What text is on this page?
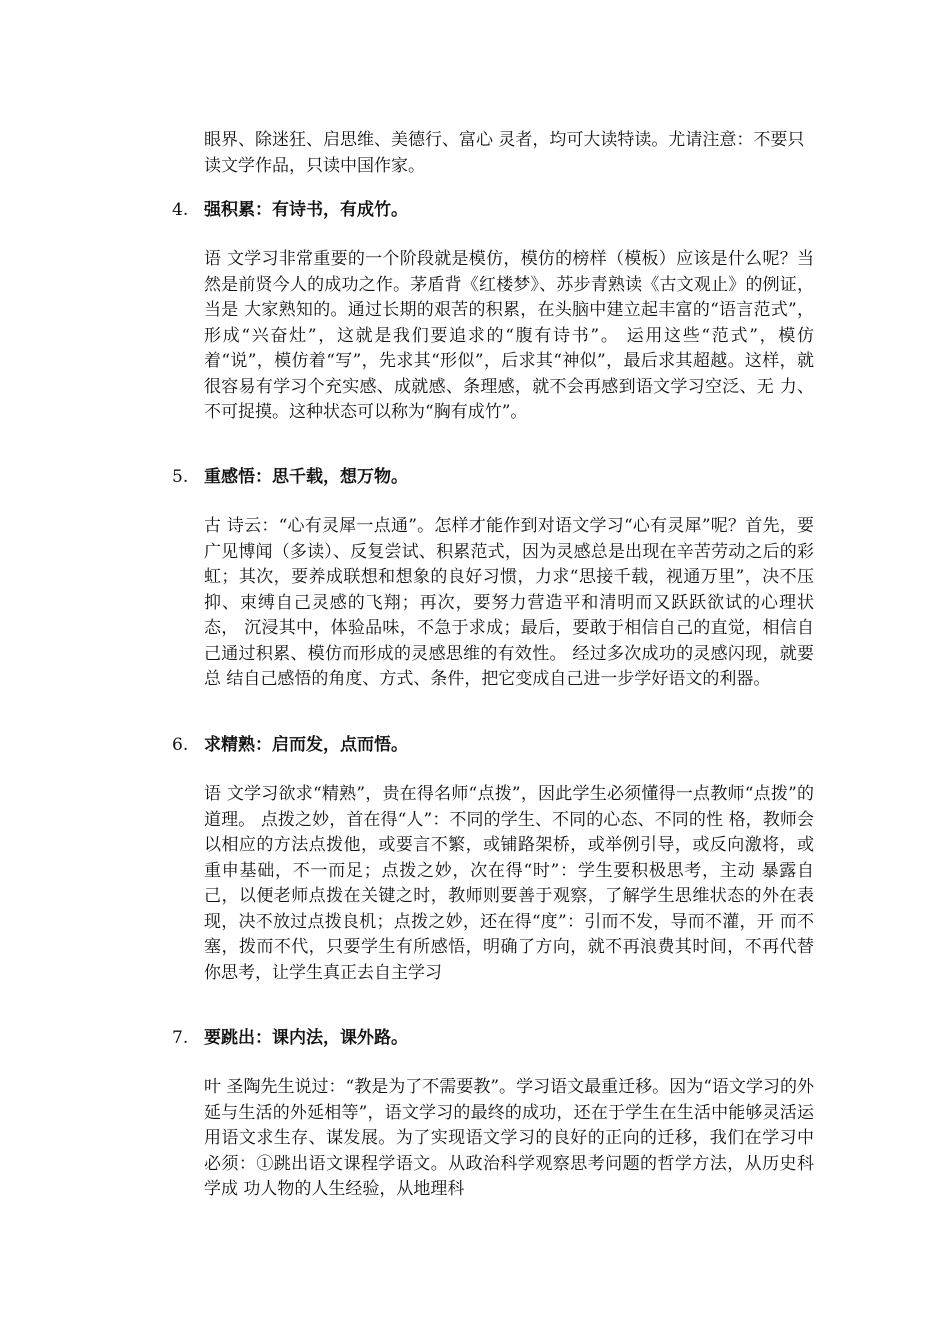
眼界、除迷狂、启思维、美德行、富心 灵者，均可大读特读。尤请注意：不要只读文学作品，只读中国作家。

4. 强积累：有诗书，有成竹。

语 文学习非常重要的一个阶段就是模仿，模仿的榜样（模板）应该是什么呢？当然是前贤今人的成功之作。茅盾背《红楼梦》、苏步青熟读《古文观止》的例证，当是 大家熟知的。通过长期的艰苦的积累，在头脑中建立起丰富的“语言范式”，形成“兴奋灶”，这就是我们要追求的“腹有诗书”。 运用这些“范式”，模仿 着“说”，模仿着“写”，先求其“形似”，后求其“神似”，最后求其超越。这样，就很容易有学习个充实感、成就感、条理感，就不会再感到语文学习空泛、无 力、不可捉摸。这种状态可以称为“胸有成竹”。

5. 重感悟：思千载，想万物。

古 诗云：“心有灵犀一点通”。怎样才能作到对语文学习“心有灵犀”呢？首先，要广见博闻（多读）、反复尝试、积累范式，因为灵感总是出现在辛苦劳动之后的彩 虹；其次，要养成联想和想象的良好习惯，力求“思接千载，视通万里”，决不压抑、束缚自己灵感的飞翔；再次，要努力营造平和清明而又跃跃欲试的心理状态， 沉浸其中，体验品味，不急于求成；最后，要敢于相信自己的直觉，相信自己通过积累、模仿而形成的灵感思维的有效性。 经过多次成功的灵感闪现，就要总 结自己感悟的角度、方式、条件，把它变成自己进一步学好语文的利器。

6. 求精熟：启而发，点而悟。

语 文学习欲求“精熟”，贵在得名师“点拨”，因此学生必须懂得一点教师“点拨”的道理。 点拨之妙，首在得“人”：不同的学生、不同的心态、不同的性 格，教师会以相应的方法点拨他，或要言不繁，或铺路架桥，或举例引导，或反向激将，或重申基础，不一而足；点拨之妙，次在得“时”：学生要积极思考，主动 暴露自己，以便老师点拨在关键之时，教师则要善于观察，了解学生思维状态的外在表现，决不放过点拨良机；点拨之妙，还在得“度”：引而不发，导而不灌，开 而不塞，拨而不代，只要学生有所感悟，明确了方向，就不再浪费其时间，不再代替你思考，让学生真正去自主学习

7. 要跳出：课内法，课外路。

叶 圣陶先生说过：“教是为了不需要教”。学习语文最重迁移。因为“语文学习的外延与生活的外延相等”，语文学习的最终的成功，还在于学生在生活中能够灵活运 用语文求生存、谋发展。为了实现语文学习的良好的正向的迁移，我们在学习中必须：①跳出语文课程学语文。从政治科学观察思考问题的哲学方法，从历史科学成 功人物的人生经验，从地理科
